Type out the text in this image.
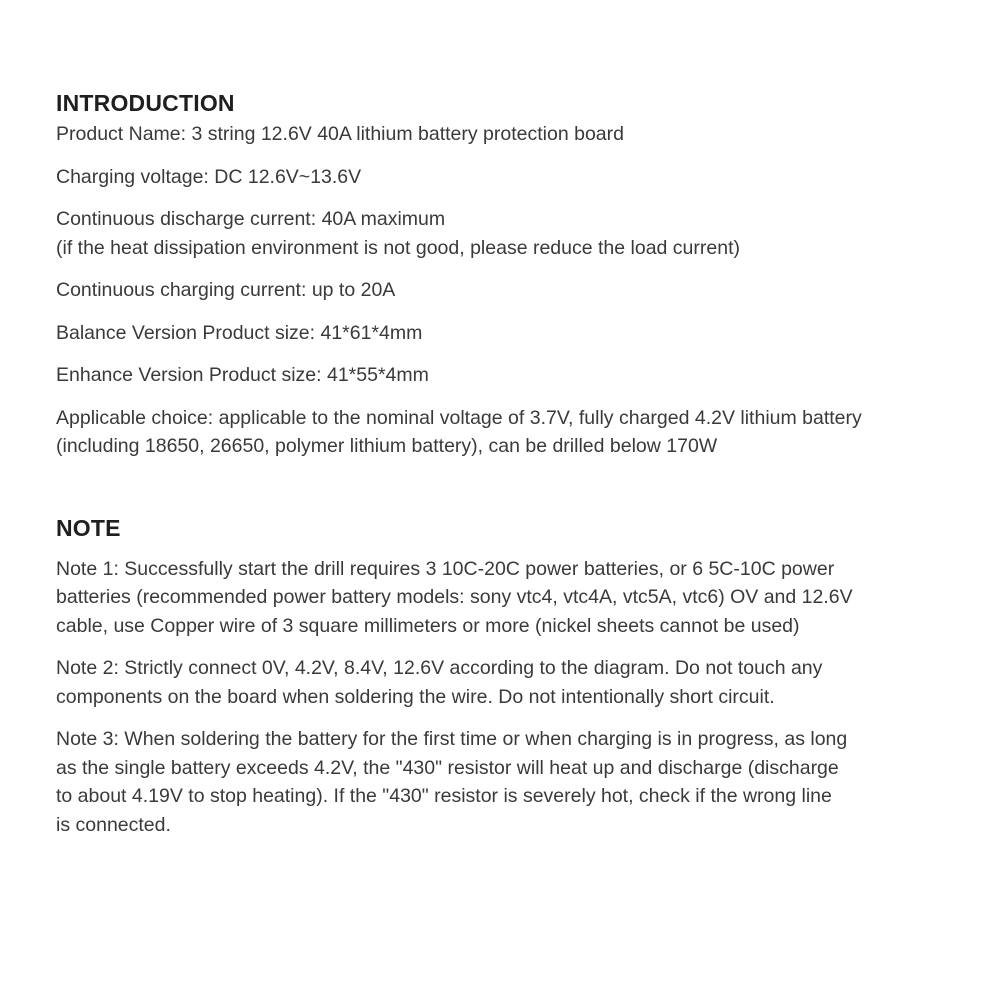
INTRODUCTION

Product Name: 3 string 12.6V 40A lithium battery protection board

Charging voltage: DC 12.6V~13.6V

Continuous discharge current: 40A maximum
(if the heat dissipation environment is not good, please reduce the load current)

Continuous charging current: up to 20A

Balance Version Product size: 41*61*4mm

Enhance Version Product size: 41*55*4mm

Applicable choice: applicable to the nominal voltage of 3.7V, fully charged 4.2V lithium battery
(including 18650, 26650, polymer lithium battery), can be drilled below 170W

NOTE

Note 1: Successfully start the drill requires 3 10C-20C power batteries, or 6 5C-10C power
batteries (recommended power battery models: sony vtc4, vtc4A, vtc5A, vtc6) OV and 12.6V
cable, use Copper wire of 3 square millimeters or more (nickel sheets cannot be used)

Note 2: Strictly connect 0V, 4.2V, 8.4V, 12.6V according to the diagram. Do not touch any
components on the board when soldering the wire. Do not intentionally short circuit.

Note 3: When soldering the battery for the first time or when charging is in progress, as long
as the single battery exceeds 4.2V, the "430" resistor will heat up and discharge (discharge
to about 4.19V to stop heating). If the "430" resistor is severely hot, check if the wrong line
is connected.
